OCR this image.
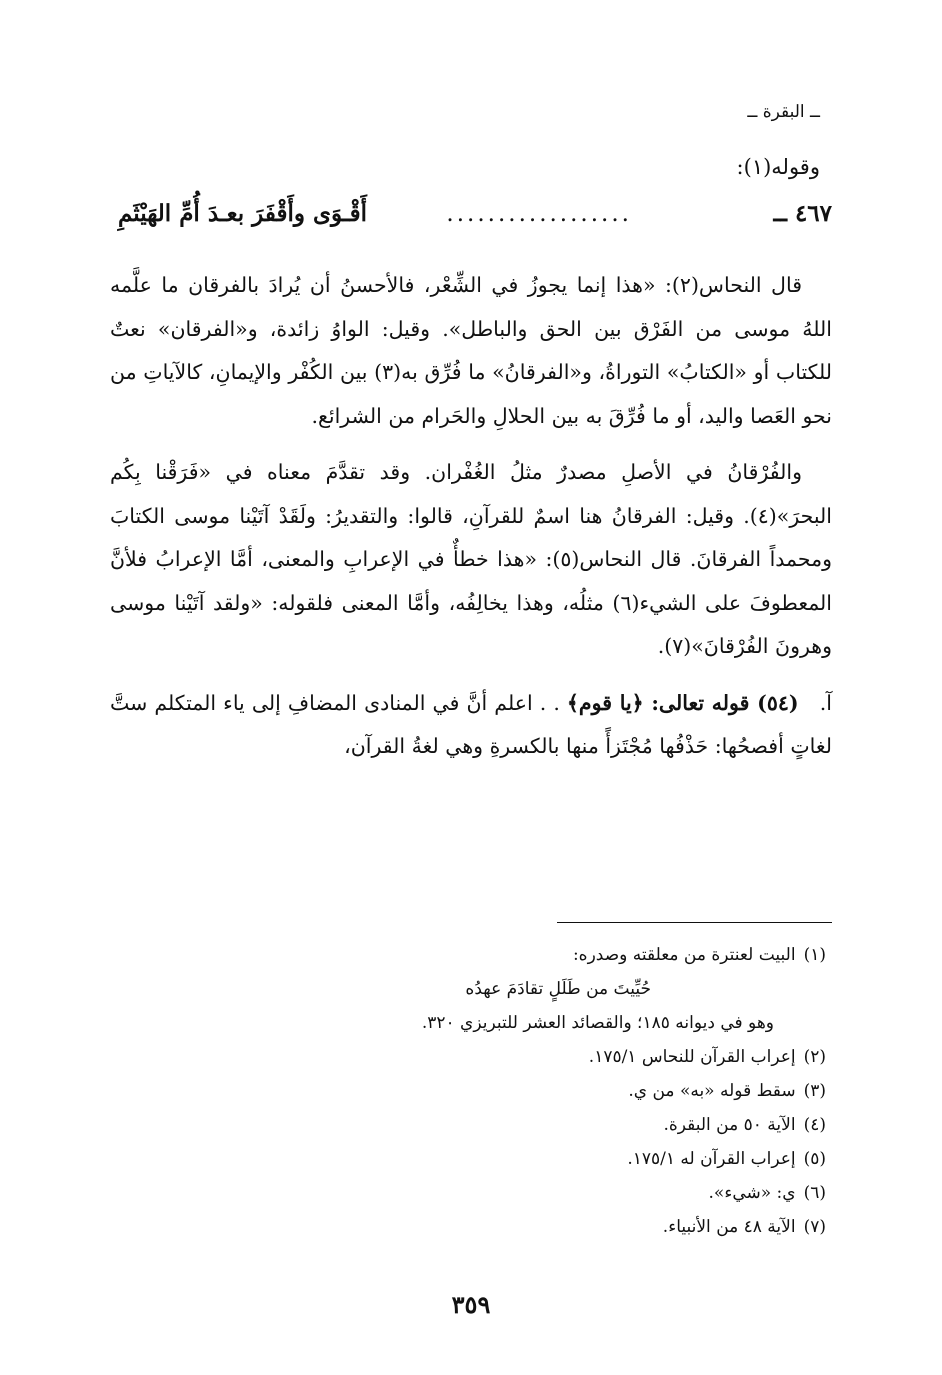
ــ البقرة ــ
وقوله(١):
٤٦٧ ــ
..................
أَقْـوَى وأَقْفَرَ بعـدَ أُمِّ الهَيْثَمِ

قال النحاس(٢): «هذا إنما يجوزُ في الشِّعْر، فالأحسنُ أن يُرادَ بالفرقان ما علَّمه اللهُ موسى من الفَرْق بين الحق والباطل». وقيل: الواوُ زائدة، و«الفرقان» نعتٌ للكتاب أو «الكتابُ» التوراةُ، و«الفرقانُ» ما فُرِّق به(٣) بين الكُفْر والإيمانِ، كالآياتِ من نحو العَصا واليد، أو ما فُرِّقَ به بين الحلالِ والحَرام من الشرائع.

والفُرْقانُ في الأصلِ مصدرٌ مثلُ الغُفْران. وقد تقدَّمَ معناه في «فَرَقْنا بِكُم البحرَ»(٤). وقيل: الفرقانُ هنا اسمٌ للقرآنِ، قالوا: والتقديرُ: ولَقَدْ آتَيْنا موسى الكتابَ ومحمداً الفرقانَ. قال النحاس(٥): «هذا خطأٌ في الإعرابِ والمعنى، أمَّا الإعرابُ فلأنَّ المعطوفَ على الشيء(٦) مثلُه، وهذا يخالِفُه، وأمَّا المعنى فلقوله: «ولقد آتَيْنا موسى وهرونَ الفُرْقانَ»(٧).

آ.   (٥٤) قوله تعالى: ﴿يا قوم﴾ . . اعلم أنَّ في المنادى المضافِ إلى ياء المتكلم ستَّ لغاتٍ أفصحُها: حَذْفُها مُجْتَزأً منها بالكسرةِ وهي لغةُ القرآن،

(١)البيت لعنترة من معلقته وصدره:

حُيِّيتَ من طَلَلٍ تقادَمَ عهدُه

وهو في ديوانه ١٨٥؛ والقصائد العشر للتبريزي ٣٢٠.

(٢)إعراب القرآن للنحاس ١٧٥/١.

(٣)سقط قوله «به» من ي.

(٤)الآية ٥٠ من البقرة.

(٥)إعراب القرآن له ١٧٥/١.

(٦)ي: «شيء».

(٧)الآية ٤٨ من الأنبياء.

٣٥٩
